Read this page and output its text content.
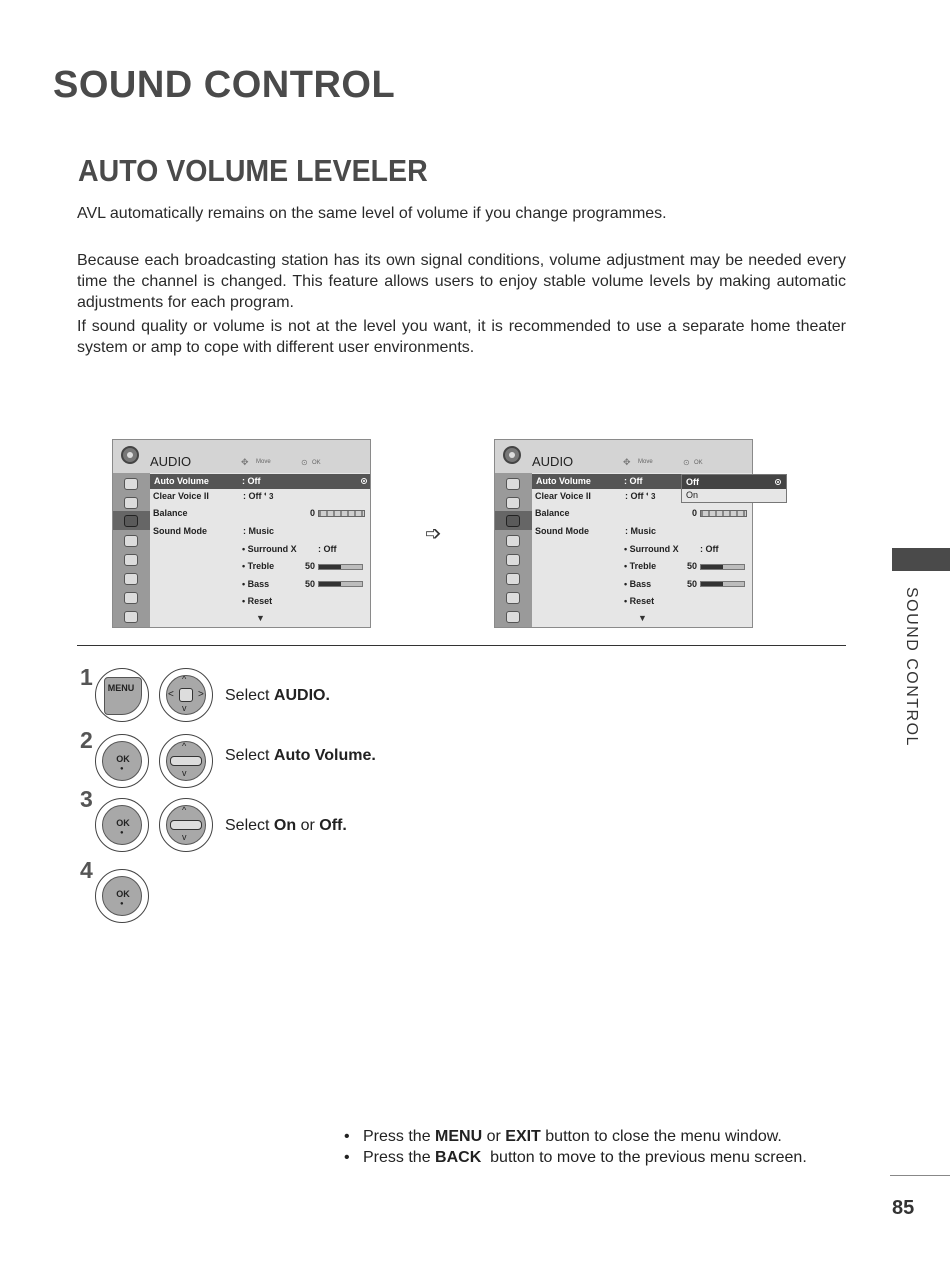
SOUND CONTROL
AUTO VOLUME LEVELER
AVL automatically remains on the same level of volume if you change programmes.
Because each broadcasting station has its own signal conditions, volume adjustment may be needed every time the channel is changed. This feature allows users to enjoy stable volume levels by making automatic adjustments for each program.
If sound quality or volume is not at the level you want, it is recommended to use a separate home theater system or amp to cope with different user environments.
AUDIO	✥ Move	⊙ OK
Auto Volume	: Off
Clear Voice II	: Off ◖ 3
Balance	0
Sound Mode	: Music
• Surround X : Off
• Treble	50
• Bass	50
• Reset
▼
➩
AUDIO	✥ Move	⊙ OK
Auto Volume	: Off
Clear Voice II	: Off ◖ 3
Balance	0
Sound Mode	: Music
• Surround X : Off
• Treble	50
• Bass	50
• Reset
▼
Off
On
1	MENU
^
v
< > Select AUDIO.
2
OK
●
^
v
Select Auto Volume.
3
OK
●
^
v
Select On or Off.
4
OK
●
• Press the MENU or EXIT button to close the menu window.
• Press the BACK  button to move to the previous menu screen.
SOUND CONTROL
85
